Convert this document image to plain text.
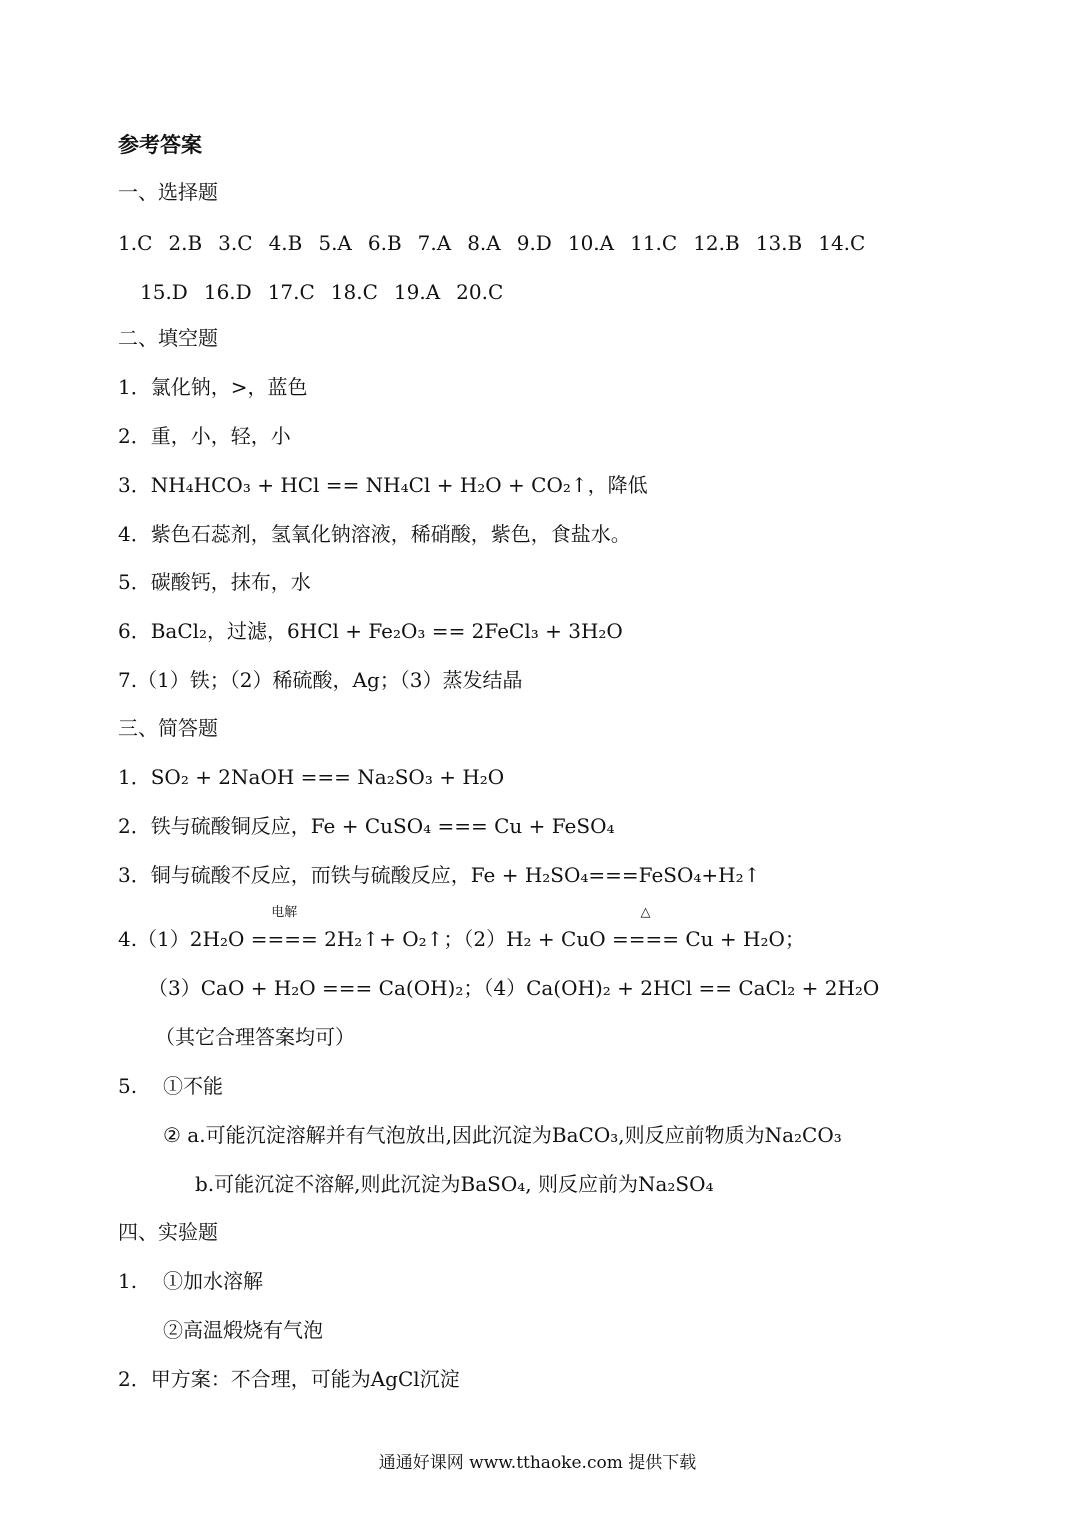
参考答案
一、选择题
1.C 2.B 3.C 4.B 5.A 6.B 7.A 8.A 9.D 10.A 11.C 12.B 13.B 14.C
15.D 16.D 17.C 18.C 19.A 20.C
二、填空题
1．氯化钠，>，蓝色
2．重，小，轻，小
3．NH₄HCO₃ + HCl == NH₄Cl + H₂O + CO₂↑，降低
4．紫色石蕊剂，氢氧化钠溶液，稀硝酸，紫色，食盐水。
5．碳酸钙，抹布，水
6．BaCl₂，过滤，6HCl + Fe₂O₃ == 2FeCl₃ + 3H₂O
7.（1）铁；（2）稀硫酸，Ag；（3）蒸发结晶
三、简答题
1．SO₂ + 2NaOH === Na₂SO₃ + H₂O
2．铁与硫酸铜反应，Fe + CuSO₄ === Cu + FeSO₄
3．铜与硫酸不反应，而铁与硫酸反应，Fe + H₂SO₄===FeSO₄+H₂↑
4.（1）2H₂O
电解
==== 2H₂↑+ O₂↑；（2）H₂ + CuO
△
==== Cu + H₂O；
（3）CaO + H₂O === Ca(OH)₂；（4）Ca(OH)₂ + 2HCl == CaCl₂ + 2H₂O
（其它合理答案均可）
5. ①不能
② a.可能沉淀溶解并有气泡放出,因此沉淀为BaCO₃,则反应前物质为Na₂CO₃
b.可能沉淀不溶解,则此沉淀为BaSO₄, 则反应前为Na₂SO₄
四、实验题
1. ①加水溶解
②高温煅烧有气泡
2．甲方案：不合理，可能为AgCl沉淀
通通好课网 www.tthaoke.com 提供下载
